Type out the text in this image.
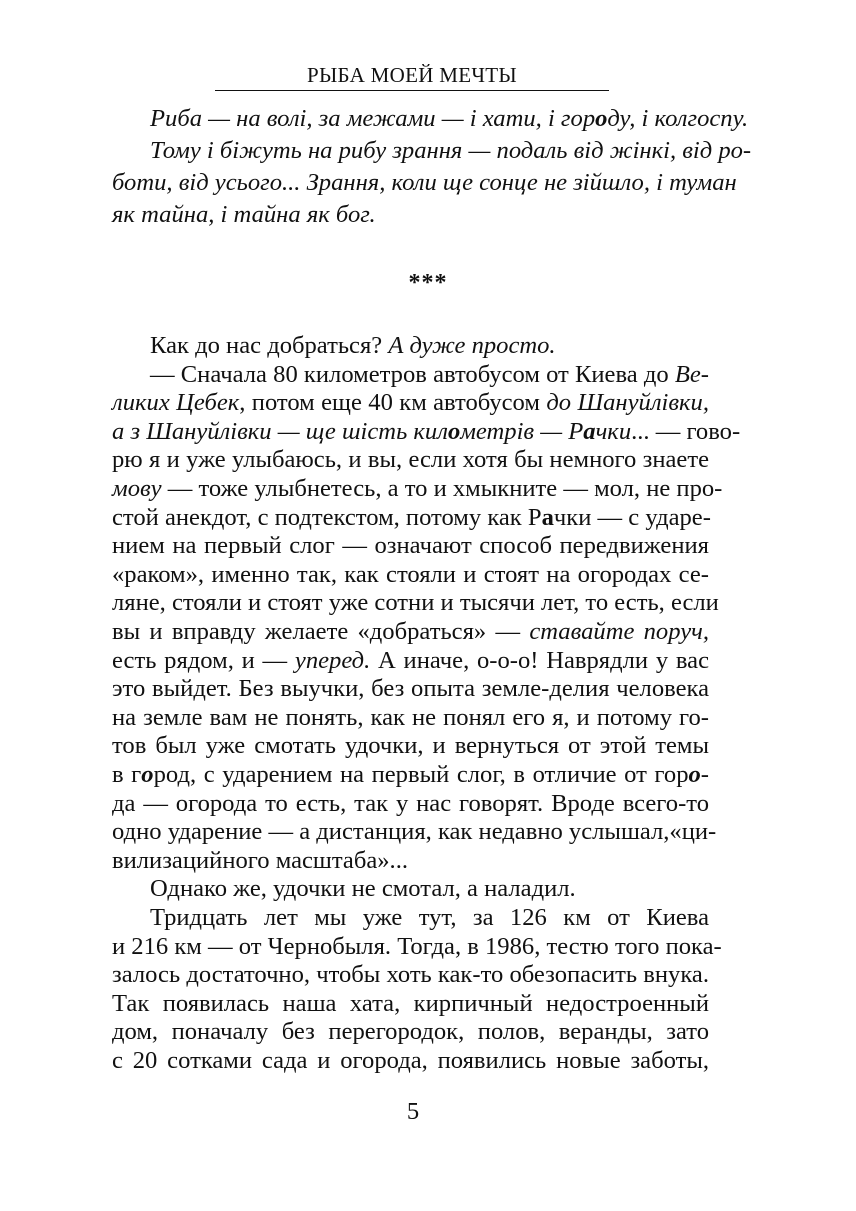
РЫБА МОЕЙ МЕЧТЫ
Риба — на волі, за межами — і хати, і городу, і колгоспу.
Тому і біжуть на рибу зрання — подаль від жінкі, від ро-
боти, від усього... Зрання, коли ще сонце не зійшло, і туман
як тайна, і тайна як бог.
***
Как до нас добраться? А дуже просто.
— Сначала 80 километров автобусом от Киева до Ве-
ликих Цебек, потом еще 40 км автобусом до Шануйлівки,
а з Шануйлівки — ще шість километрів — Рачки... — гово-
рю я и уже улыбаюсь, и вы, если хотя бы немного знаете
мову — тоже улыбнетесь, а то и хмыкните — мол, не про-
стой анекдот, с подтекстом, потому как Рачки — с ударе-
нием на первый слог — означают способ передвижения
«раком», именно так, как стояли и стоят на огородах се-
ляне, стояли и стоят уже сотни и тысячи лет, то есть, если
вы и вправду желаете «добраться» — ставайте поруч,
есть рядом, и — уперед. А иначе, о-о-о! Наврядли у вас
это выйдет. Без выучки, без опыта земле-делия человека
на земле вам не понять, как не понял его я, и потому го-
тов был уже смотать удочки, и вернуться от этой темы
в город, с ударением на первый слог, в отличие от горо-
да — огорода то есть, так у нас говорят. Вроде всего-то
одно ударение — а дистанция, как недавно услышал,«ци-
вилизацийного масштаба»...
Однако же, удочки не смотал, а наладил.
Тридцать лет мы уже тут, за 126 км от Киева
и 216 км — от Чернобыля. Тогда, в 1986, тестю того пока-
залось достаточно, чтобы хоть как-то обезопасить внука.
Так появилась наша хата, кирпичный недостроенный
5
дом, поначалу без перегородок, полов, веранды, зато
с 20 сотками сада и огорода, появились новые заботы,
